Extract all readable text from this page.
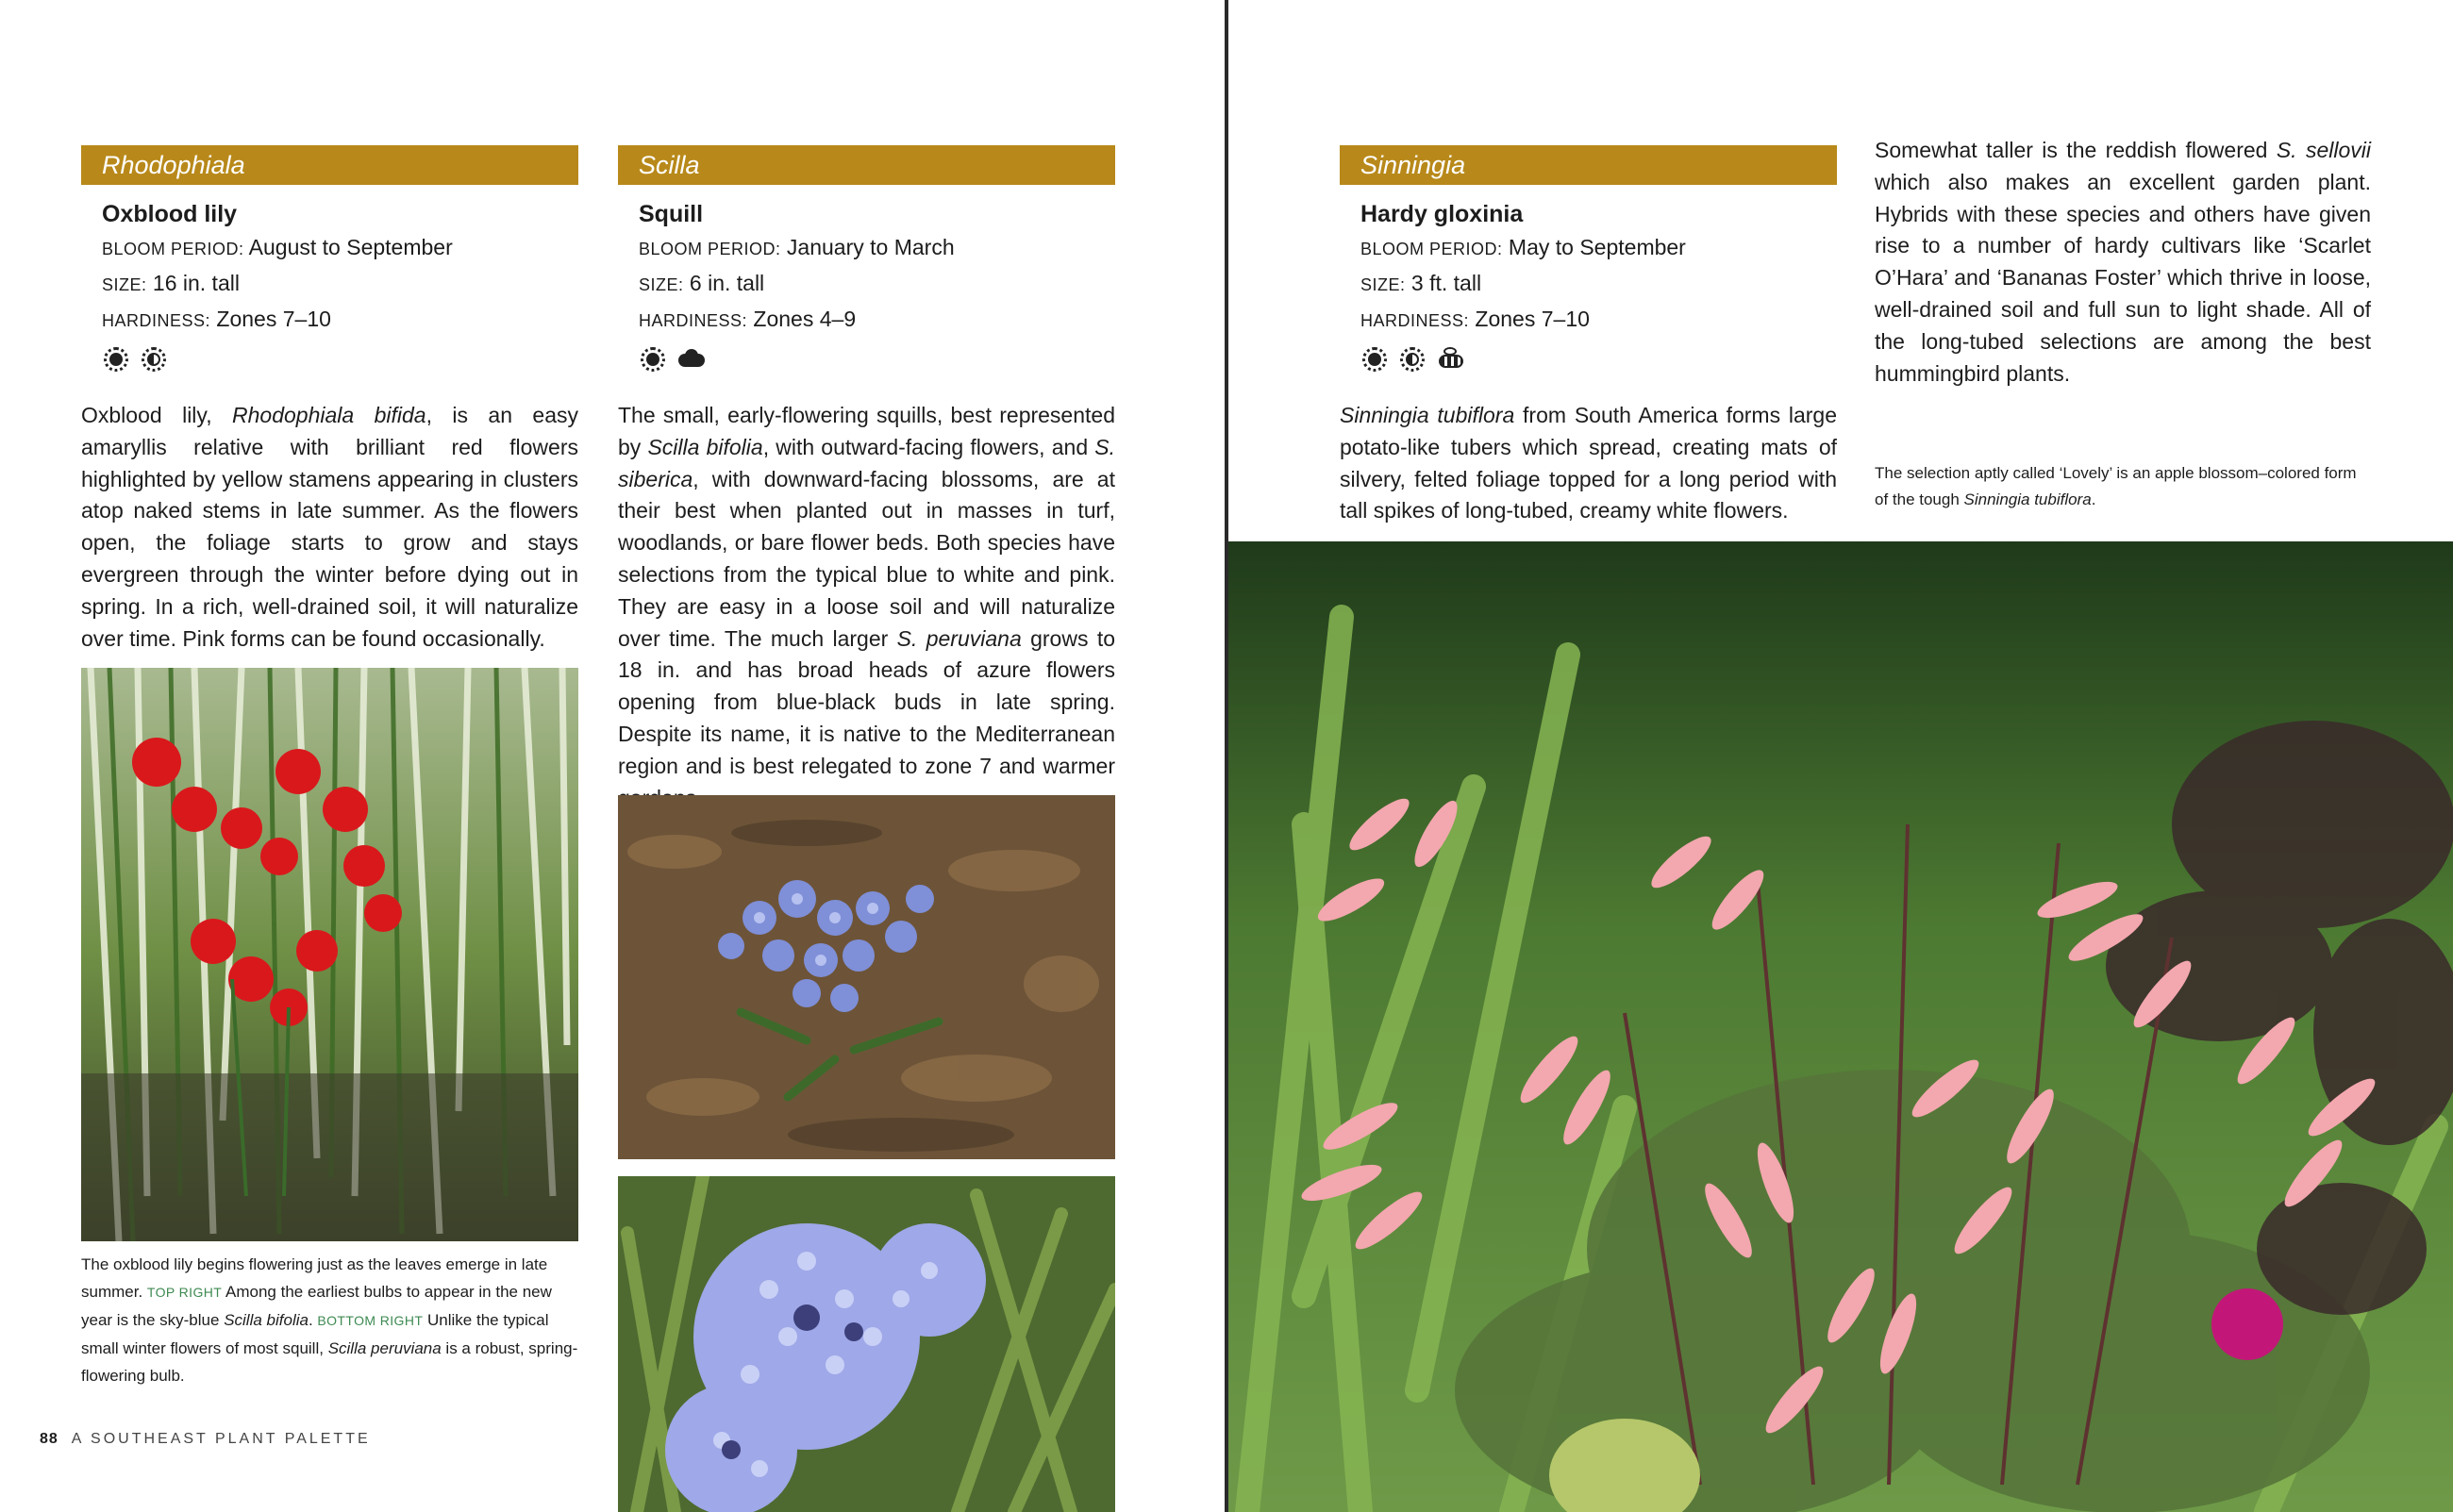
Rhodophiala
Oxblood lily
BLOOM PERIOD: August to September
SIZE: 16 in. tall
HARDINESS: Zones 7–10

Oxblood lily, Rhodophiala bifida, is an easy amaryllis relative with brilliant red flowers highlighted by yellow stamens appearing in clusters atop naked stems in late summer. As the flowers open, the foliage starts to grow and stays evergreen through the winter before dying out in spring. In a rich, well-drained soil, it will naturalize over time. Pink forms can be found occasionally.

The oxblood lily begins flowering just as the leaves emerge in late summer. TOP RIGHT Among the earliest bulbs to appear in the new year is the sky-blue Scilla bifolia. BOTTOM RIGHT Unlike the typical small winter flowers of most squill, Scilla peruviana is a robust, spring-flowering bulb.
88 A SOUTHEAST PLANT PALETTE
Scilla
Squill
BLOOM PERIOD: January to March
SIZE: 6 in. tall
HARDINESS: Zones 4–9

The small, early-flowering squills, best represented by Scilla bifolia, with outward-facing flowers, and S. siberica, with downward-facing blossoms, are at their best when planted out in masses in turf, woodlands, or bare flower beds. Both species have selections from the typical blue to white and pink. They are easy in a loose soil and will naturalize over time. The much larger S. peruviana grows to 18 in. and has broad heads of azure flowers opening from blue-black buds in late spring. Despite its name, it is native to the Mediterranean region and is best relegated to zone 7 and warmer

Sinningia
Hardy gloxinia
BLOOM PERIOD: May to September
SIZE: 3 ft. tall
HARDINESS: Zones 7–10

Sinningia tubiflora from South America forms large potato-like tubers which spread, creating mats of silvery, felted foliage topped for a long period with tall spikes of long-tubed, creamy white flowers.

Somewhat taller is the reddish flowered S. sellovii which also makes an excellent garden plant. Hybrids with these species and others have given rise to a number of hardy cultivars like ‘Scarlet O’Hara’ and ‘Bananas Foster’ which thrive in loose, well-drained soil and full sun to light shade. All of the long-tubed selections are among the best hummingbird plants.
The selection aptly called ‘Lovely’ is an apple blossom–colored form of the tough Sinningia tubiflora.
